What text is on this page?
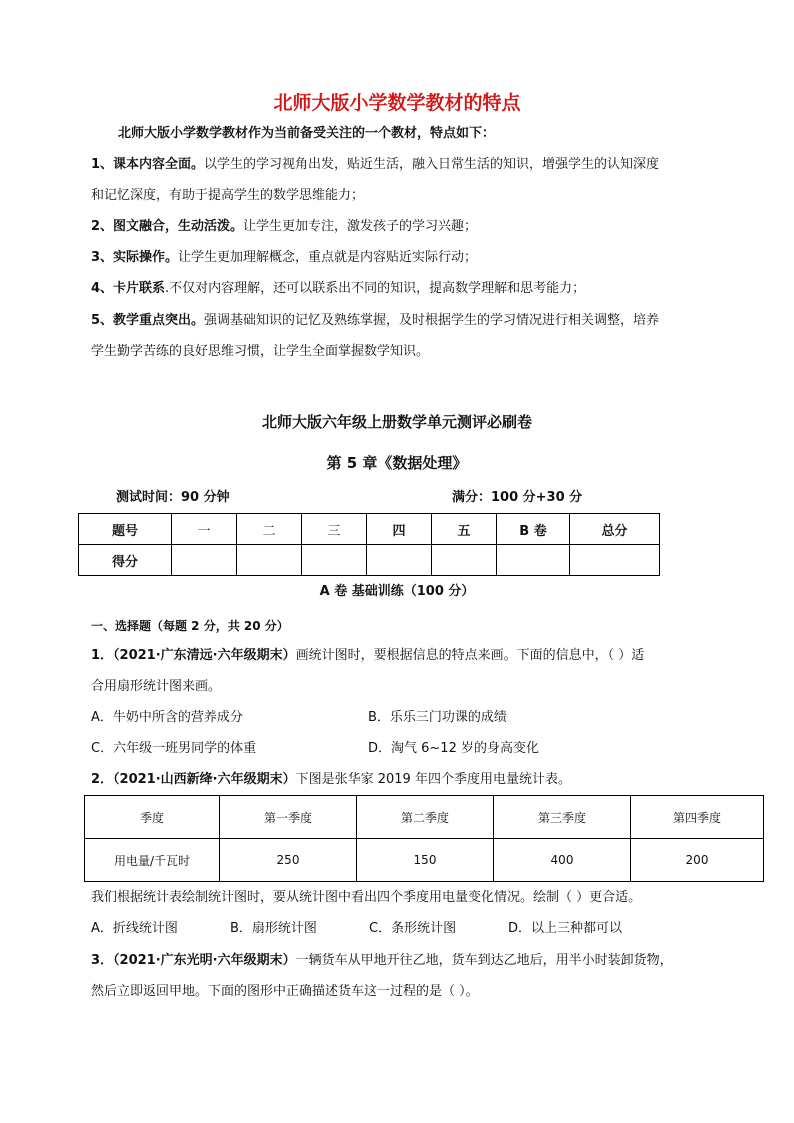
北师大版小学数学教材的特点
北师大版小学数学教材作为当前备受关注的一个教材，特点如下：
1、课本内容全面。以学生的学习视角出发，贴近生活，融入日常生活的知识，增强学生的认知深度
和记忆深度，有助于提高学生的数学思维能力；
2、图文融合，生动活泼。让学生更加专注，激发孩子的学习兴趣；
3、实际操作。让学生更加理解概念，重点就是内容贴近实际行动；
4、卡片联系.不仅对内容理解，还可以联系出不同的知识，提高数学理解和思考能力；
5、教学重点突出。强调基础知识的记忆及熟练掌握，及时根据学生的学习情况进行相关调整，培养
学生勤学苦练的良好思维习惯，让学生全面掌握数学知识。
北师大版六年级上册数学单元测评必刷卷
第 5 章《数据处理》
测试时间：90 分钟	满分：100 分+30 分
题号	一	二	三	四	五	B 卷	总分
得分							
A 卷 基础训练（100 分）
一、选择题（每题 2 分，共 20 分）
1．（2021·广东清远·六年级期末）画统计图时，要根据信息的特点来画。下面的信息中，（ ）适
合用扇形统计图来画。
A．牛奶中所含的营养成分	B．乐乐三门功课的成绩
C．六年级一班男同学的体重	D．淘气 6~12 岁的身高变化
2．（2021·山西新绛·六年级期末）下图是张华家 2019 年四个季度用电量统计表。
季度	第一季度	第二季度	第三季度	第四季度
用电量/千瓦时	250	150	400	200
我们根据统计表绘制统计图时，要从统计图中看出四个季度用电量变化情况。绘制（ ）更合适。
A．折线统计图	B．扇形统计图	C．条形统计图	D．以上三种都可以
3．（2021·广东光明·六年级期末）一辆货车从甲地开往乙地，货车到达乙地后，用半小时装卸货物，
然后立即返回甲地。下面的图形中正确描述货车这一过程的是（ ）。
